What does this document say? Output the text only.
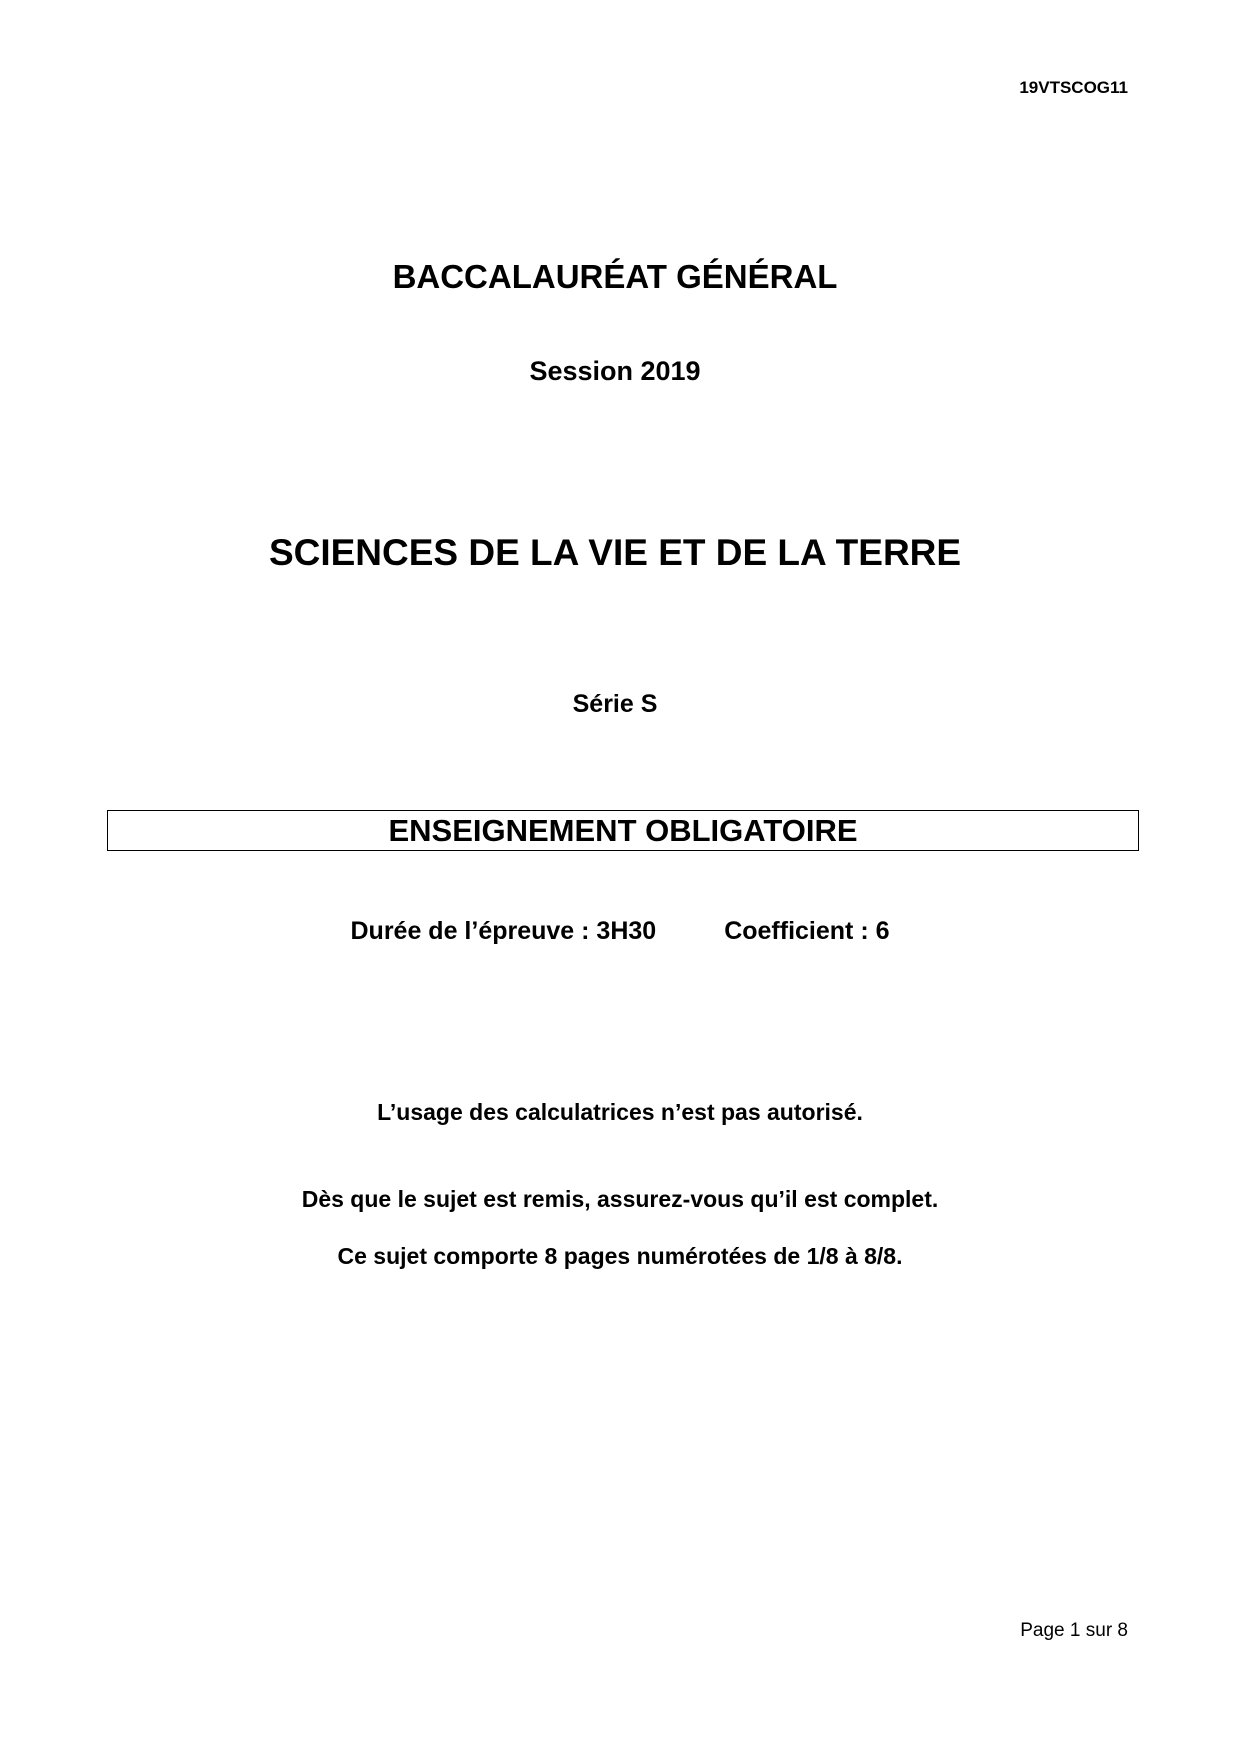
19VTSCOG11
BACCALAURÉAT GÉNÉRAL
Session 2019
SCIENCES DE LA VIE ET DE LA TERRE
Série S
ENSEIGNEMENT OBLIGATOIRE
Durée de l’épreuve : 3H30	Coefficient : 6
L’usage des calculatrices n’est pas autorisé.
Dès que le sujet est remis, assurez-vous qu’il est complet.
Ce sujet comporte 8 pages numérotées de 1/8 à 8/8.
Page 1 sur 8
